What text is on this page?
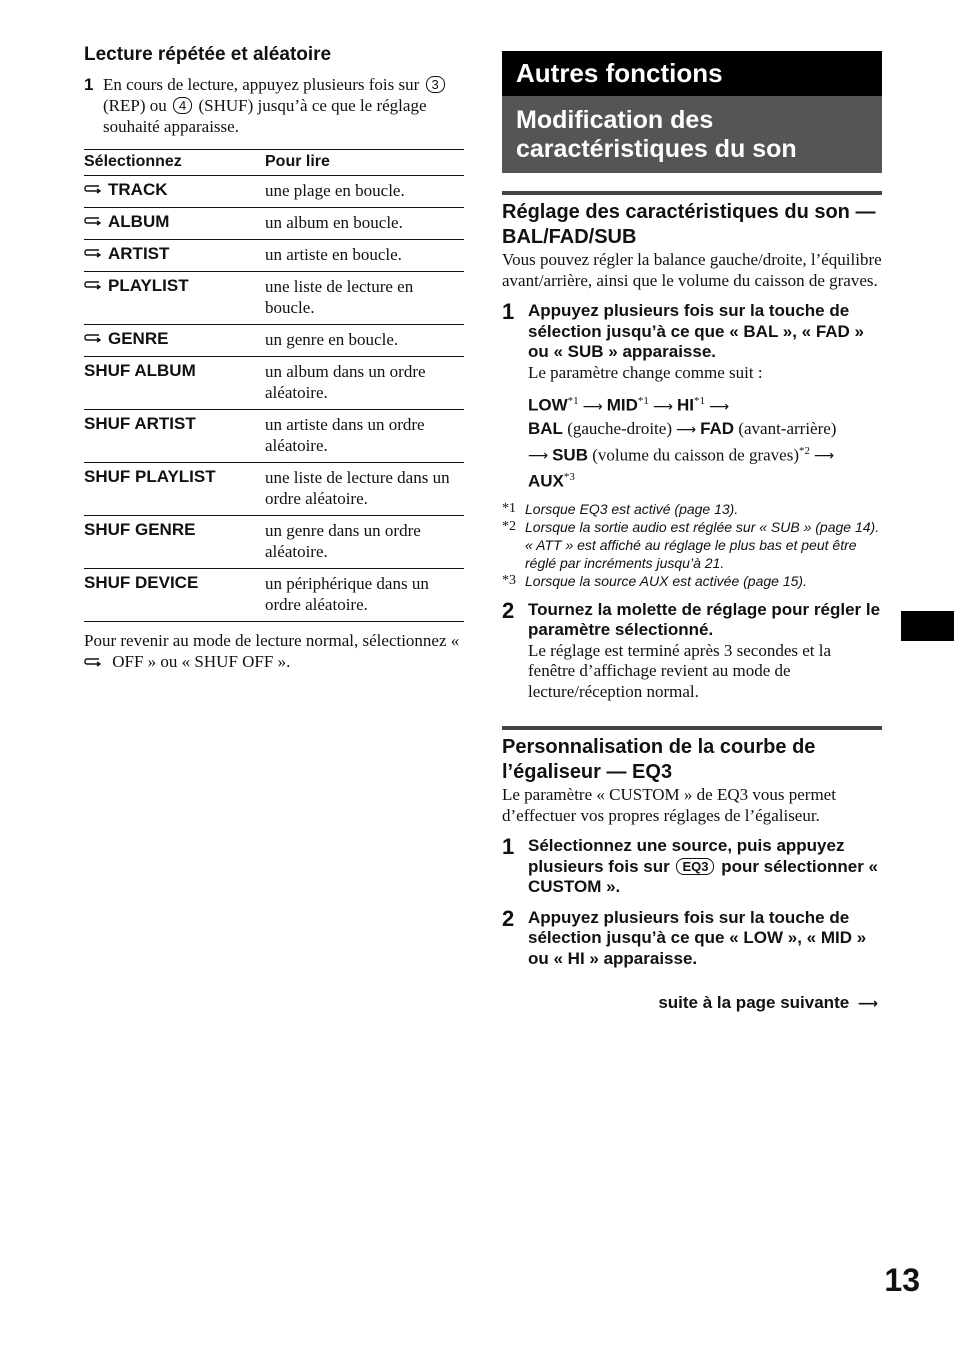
Lecture répétée et aléatoire
1 En cours de lecture, appuyez plusieurs fois sur 3 (REP) ou 4 (SHUF) jusqu’à ce que le réglage souhaité apparaisse.
Sélectionnez	Pour lire
TRACK	une plage en boucle.
ALBUM	un album en boucle.
ARTIST	un artiste en boucle.
PLAYLIST	une liste de lecture en boucle.
GENRE	un genre en boucle.
SHUF ALBUM	un album dans un ordre aléatoire.
SHUF ARTIST	un artiste dans un ordre aléatoire.
SHUF PLAYLIST	une liste de lecture dans un ordre aléatoire.
SHUF GENRE	un genre dans un ordre aléatoire.
SHUF DEVICE	un périphérique dans un ordre aléatoire.
Pour revenir au mode de lecture normal, sélectionnez «  OFF » ou « SHUF OFF ».
Autres fonctions
Modification des caractéristiques du son
Réglage des caractéristiques du son — BAL/FAD/SUB
Vous pouvez régler la balance gauche/droite, l’équilibre avant/arrière, ainsi que le volume du caisson de graves.
1 Appuyez plusieurs fois sur la touche de sélection jusqu’à ce que « BAL », « FAD » ou « SUB » apparaisse.
Le paramètre change comme suit :
LOW$^{*1}$ ⟶ MID$^{*1}$ ⟶ HI$^{*1}$ ⟶
BAL (gauche-droite) ⟶ FAD (avant-arrière)
⟶ SUB (volume du caisson de graves)$^{*2}$ ⟶
AUX$^{*3}$
*1 Lorsque EQ3 est activé (page 13).
*2 Lorsque la sortie audio est réglée sur « SUB » (page 14).
« ATT » est affiché au réglage le plus bas et peut être réglé par incréments jusqu’à 21.
*3 Lorsque la source AUX est activée (page 15).
2 Tournez la molette de réglage pour régler le paramètre sélectionné.
Le réglage est terminé après 3 secondes et la fenêtre d’affichage revient au mode de lecture/réception normal.
Personnalisation de la courbe de l’égaliseur — EQ3
Le paramètre « CUSTOM » de EQ3 vous permet d’effectuer vos propres réglages de l’égaliseur.
1 Sélectionnez une source, puis appuyez plusieurs fois sur EQ3 pour sélectionner « CUSTOM ».
2 Appuyez plusieurs fois sur la touche de sélection jusqu’à ce que « LOW », « MID » ou « HI » apparaisse.
suite à la page suivante ⟶
13
